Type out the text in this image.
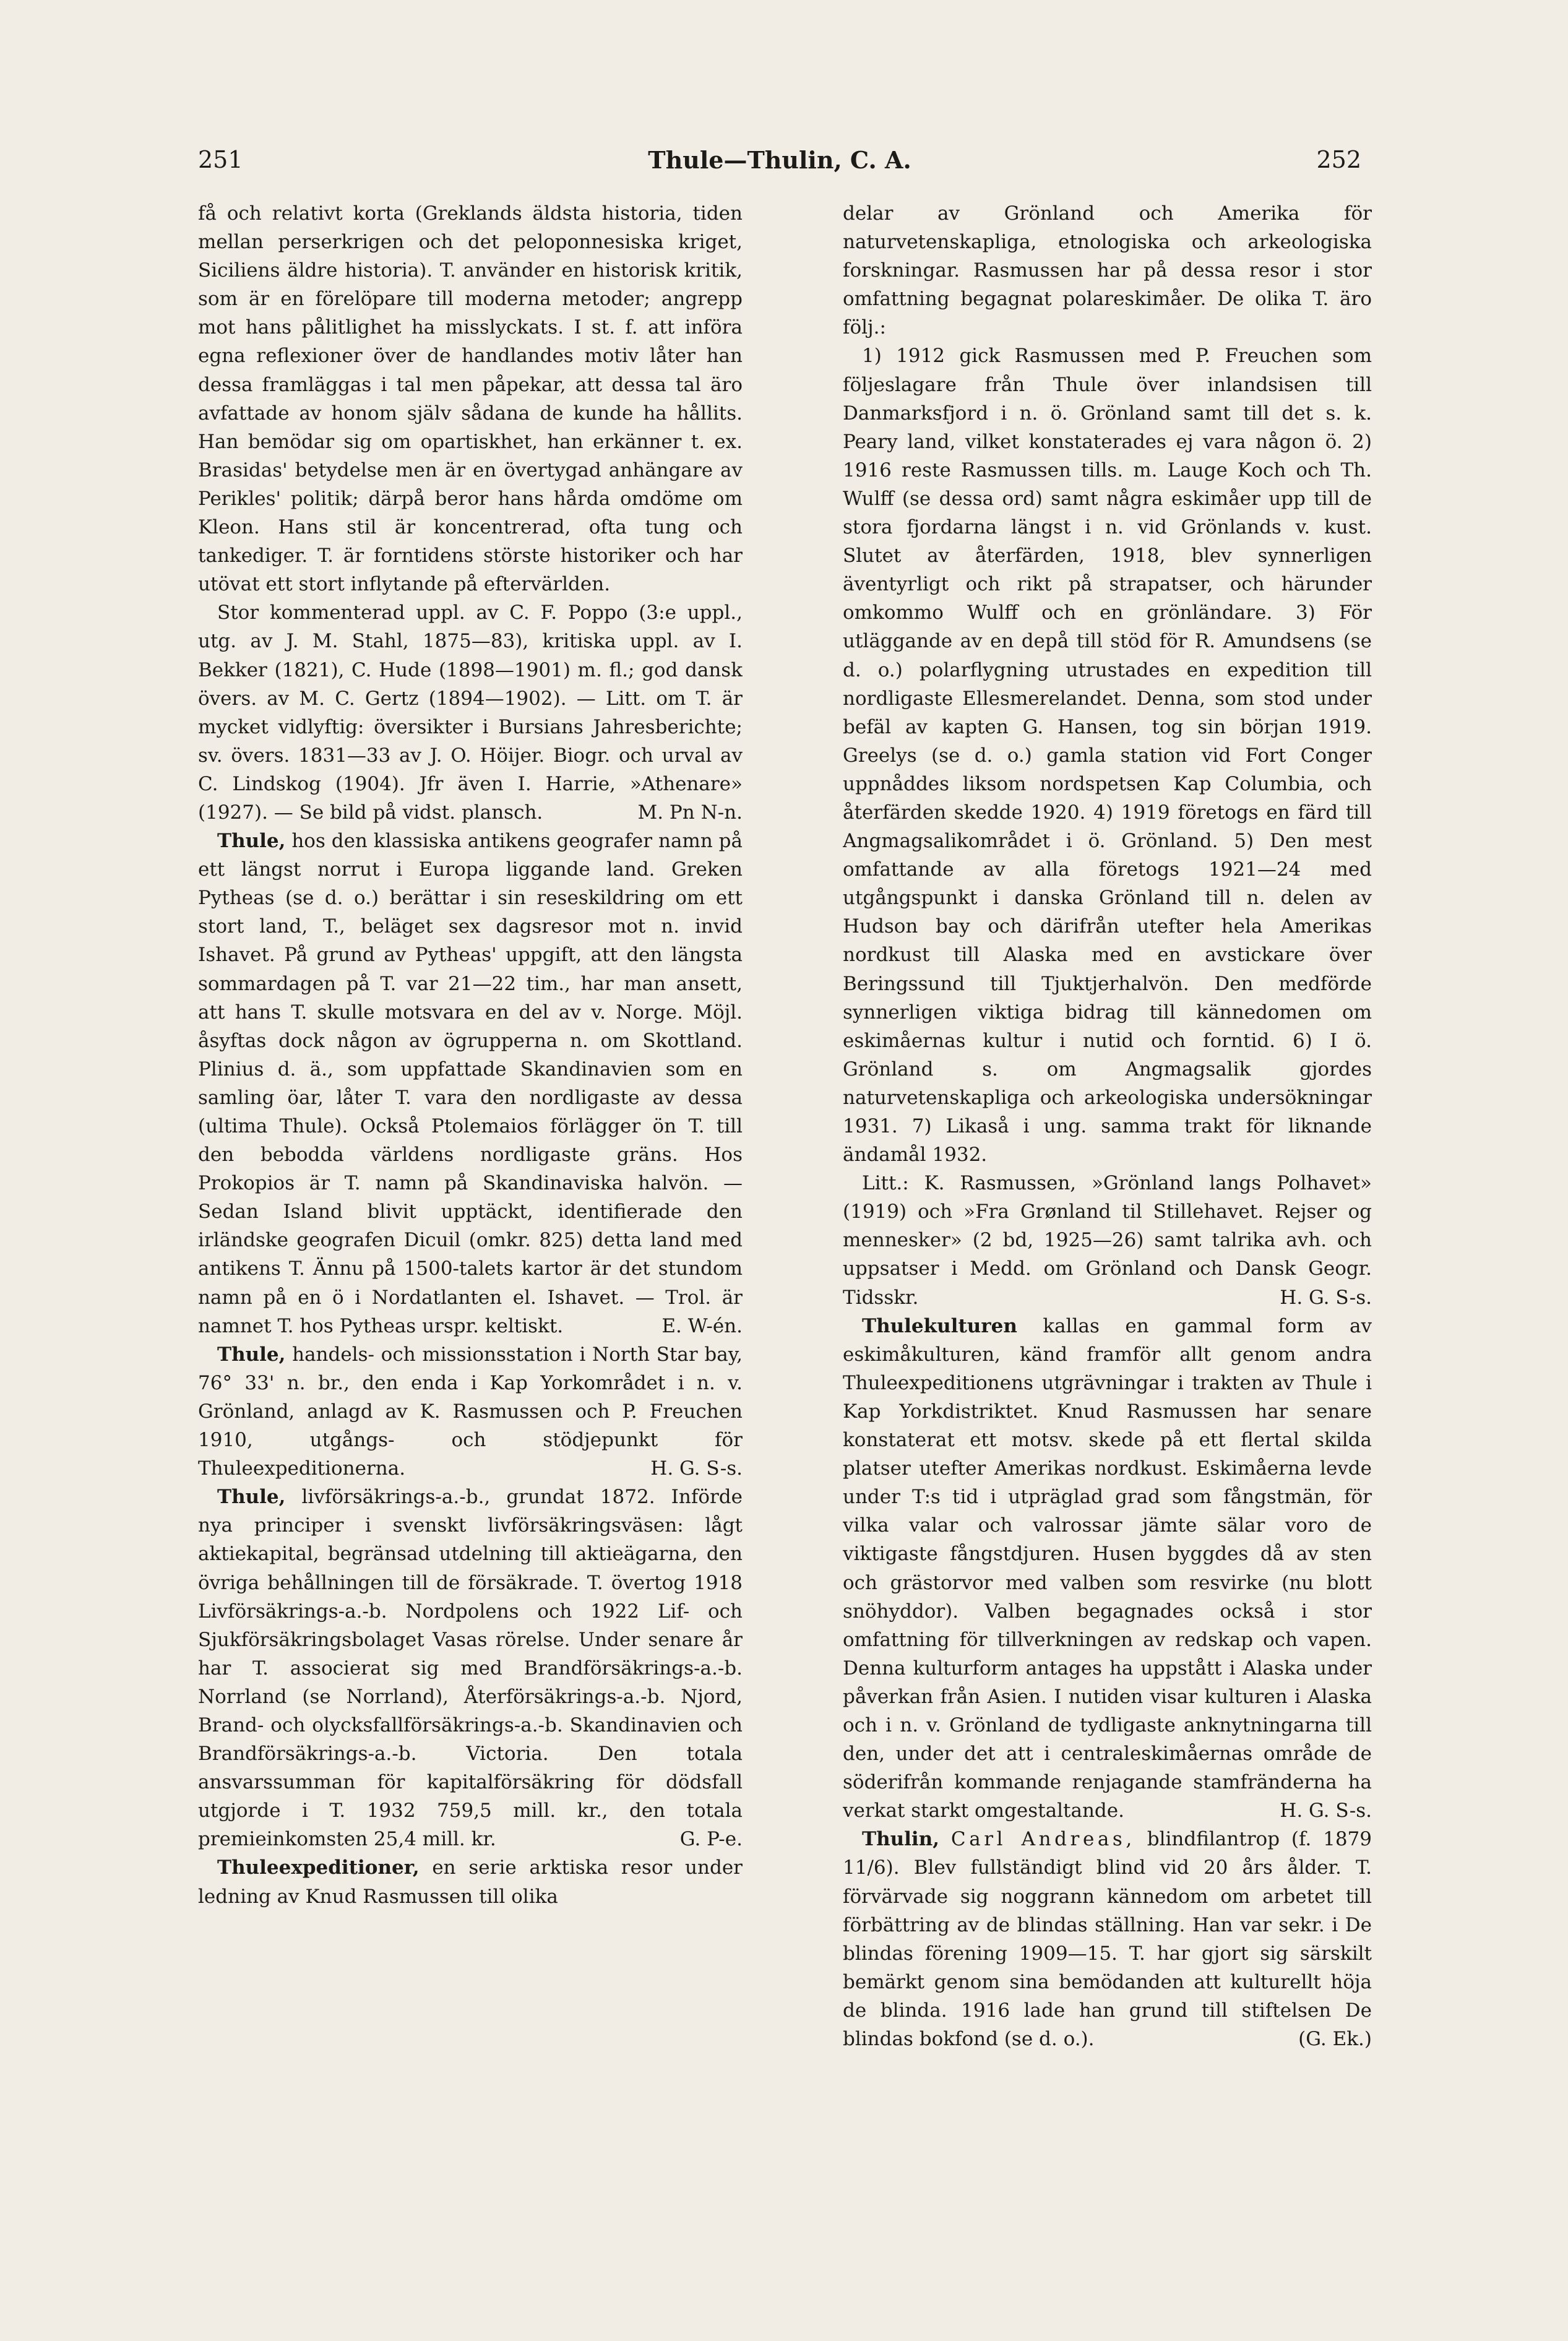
251	Thule—Thulin, C. A.	252

få och relativt korta (Greklands äldsta historia, tiden mellan perserkrigen och det peloponnesiska kriget, Siciliens äldre historia). T. använder en historisk kritik, som är en förelöpare till moderna metoder; angrepp mot hans pålitlighet ha misslyckats. I st. f. att införa egna reflexioner över de handlandes motiv låter han dessa framläggas i tal men påpekar, att dessa tal äro avfattade av honom själv sådana de kunde ha hållits. Han bemödar sig om opartiskhet, han erkänner t. ex. Brasidas' betydelse men är en övertygad anhängare av Perikles' politik; därpå beror hans hårda omdöme om Kleon. Hans stil är koncentrerad, ofta tung och tankediger. T. är forntidens störste historiker och har utövat ett stort inflytande på eftervärlden.

 Stor kommenterad uppl. av C. F. Poppo (3:e uppl., utg. av J. M. Stahl, 1875—83), kritiska uppl. av I. Bekker (1821), C. Hude (1898—1901) m. fl.; god dansk övers. av M. C. Gertz (1894—1902). — Litt. om T. är mycket vidlyftig: översikter i Bursians Jahresberichte; sv. övers. 1831—33 av J. O. Höijer. Biogr. och urval av C. Lindskog (1904). Jfr även I. Harrie, »Athenare» (1927). — Se bild på vidst. plansch.	M. Pn N-n.

 Thule, hos den klassiska antikens geografer namn på ett längst norrut i Europa liggande land. Greken Pytheas (se d. o.) berättar i sin reseskildring om ett stort land, T., beläget sex dagsresor mot n. invid Ishavet. På grund av Pytheas' uppgift, att den längsta sommardagen på T. var 21—22 tim., har man ansett, att hans T. skulle motsvara en del av v. Norge. Möjl. åsyftas dock någon av ögrupperna n. om Skottland. Plinius d. ä., som uppfattade Skandinavien som en samling öar, låter T. vara den nordligaste av dessa (ultima Thule). Också Ptolemaios förlägger ön T. till den bebodda världens nordligaste gräns. Hos Prokopios är T. namn på Skandinaviska halvön. — Sedan Island blivit upptäckt, identifierade den irländske geografen Dicuil (omkr. 825) detta land med antikens T. Ännu på 1500-talets kartor är det stundom namn på en ö i Nordatlanten el. Ishavet. — Trol. är namnet T. hos Pytheas urspr. keltiskt.	E. W-én.

 Thule, handels- och missionsstation i North Star bay, 76° 33' n. br., den enda i Kap Yorkområdet i n. v. Grönland, anlagd av K. Rasmussen och P. Freuchen 1910, utgångs- och stödjepunkt för Thuleexpeditionerna.	H. G. S-s.

 Thule, livförsäkrings-a.-b., grundat 1872. Införde nya principer i svenskt livförsäkringsväsen: lågt aktiekapital, begränsad utdelning till aktieägarna, den övriga behållningen till de försäkrade. T. övertog 1918 Livförsäkrings-a.-b. Nordpolens och 1922 Lif- och Sjukförsäkringsbolaget Vasas rörelse. Under senare år har T. associerat sig med Brandförsäkrings-a.-b. Norrland (se Norrland), Återförsäkrings-a.-b. Njord, Brand- och olycksfallförsäkrings-a.-b. Skandinavien och Brandförsäkrings-a.-b. Victoria. Den totala ansvarssumman för kapitalförsäkring för dödsfall utgjorde i T. 1932 759,5 mill. kr., den totala premieinkomsten 25,4 mill. kr.	G. P-e.

 Thuleexpeditioner, en serie arktiska resor under ledning av Knud Rasmussen till olika

delar av Grönland och Amerika för naturvetenskapliga, etnologiska och arkeologiska forskningar. Rasmussen har på dessa resor i stor omfattning begagnat polareskimåer. De olika T. äro följ.:

 1) 1912 gick Rasmussen med P. Freuchen som följeslagare från Thule över inlandsisen till Danmarksfjord i n. ö. Grönland samt till det s. k. Peary land, vilket konstaterades ej vara någon ö. 2) 1916 reste Rasmussen tills. m. Lauge Koch och Th. Wulff (se dessa ord) samt några eskimåer upp till de stora fjordarna längst i n. vid Grönlands v. kust. Slutet av återfärden, 1918, blev synnerligen äventyrligt och rikt på strapatser, och härunder omkommo Wulff och en grönländare. 3) För utläggande av en depå till stöd för R. Amundsens (se d. o.) polarflygning utrustades en expedition till nordligaste Ellesmerelandet. Denna, som stod under befäl av kapten G. Hansen, tog sin början 1919. Greelys (se d. o.) gamla station vid Fort Conger uppnåddes liksom nordspetsen Kap Columbia, och återfärden skedde 1920. 4) 1919 företogs en färd till Angmagsalikområdet i ö. Grönland. 5) Den mest omfattande av alla företogs 1921—24 med utgångspunkt i danska Grönland till n. delen av Hudson bay och därifrån utefter hela Amerikas nordkust till Alaska med en avstickare över Beringssund till Tjuktjerhalvön. Den medförde synnerligen viktiga bidrag till kännedomen om eskimåernas kultur i nutid och forntid. 6) I ö. Grönland s. om Angmagsalik gjordes naturvetenskapliga och arkeologiska undersökningar 1931. 7) Likaså i ung. samma trakt för liknande ändamål 1932.

 Litt.: K. Rasmussen, »Grönland langs Polhavet» (1919) och »Fra Grønland til Stillehavet. Rejser og mennesker» (2 bd, 1925—26) samt talrika avh. och uppsatser i Medd. om Grönland och Dansk Geogr. Tidsskr.	H. G. S-s.

 Thulekulturen kallas en gammal form av eskimåkulturen, känd framför allt genom andra Thuleexpeditionens utgrävningar i trakten av Thule i Kap Yorkdistriktet. Knud Rasmussen har senare konstaterat ett motsv. skede på ett flertal skilda platser utefter Amerikas nordkust. Eskimåerna levde under T:s tid i utpräglad grad som fångstmän, för vilka valar och valrossar jämte sälar voro de viktigaste fångstdjuren. Husen byggdes då av sten och grästorvor med valben som resvirke (nu blott snöhyddor). Valben begagnades också i stor omfattning för tillverkningen av redskap och vapen. Denna kulturform antages ha uppstått i Alaska under påverkan från Asien. I nutiden visar kulturen i Alaska och i n. v. Grönland de tydligaste anknytningarna till den, under det att i centraleskimåernas område de söderifrån kommande renjagande stamfränderna ha verkat starkt omgestaltande.	H. G. S-s.

 Thulin, Carl Andreas, blindfilantrop (f. 1879 11/6). Blev fullständigt blind vid 20 års ålder. T. förvärvade sig noggrann kännedom om arbetet till förbättring av de blindas ställning. Han var sekr. i De blindas förening 1909—15. T. har gjort sig särskilt bemärkt genom sina bemödanden att kulturellt höja de blinda. 1916 lade han grund till stiftelsen De blindas bokfond (se d. o.).	(G. Ek.)
